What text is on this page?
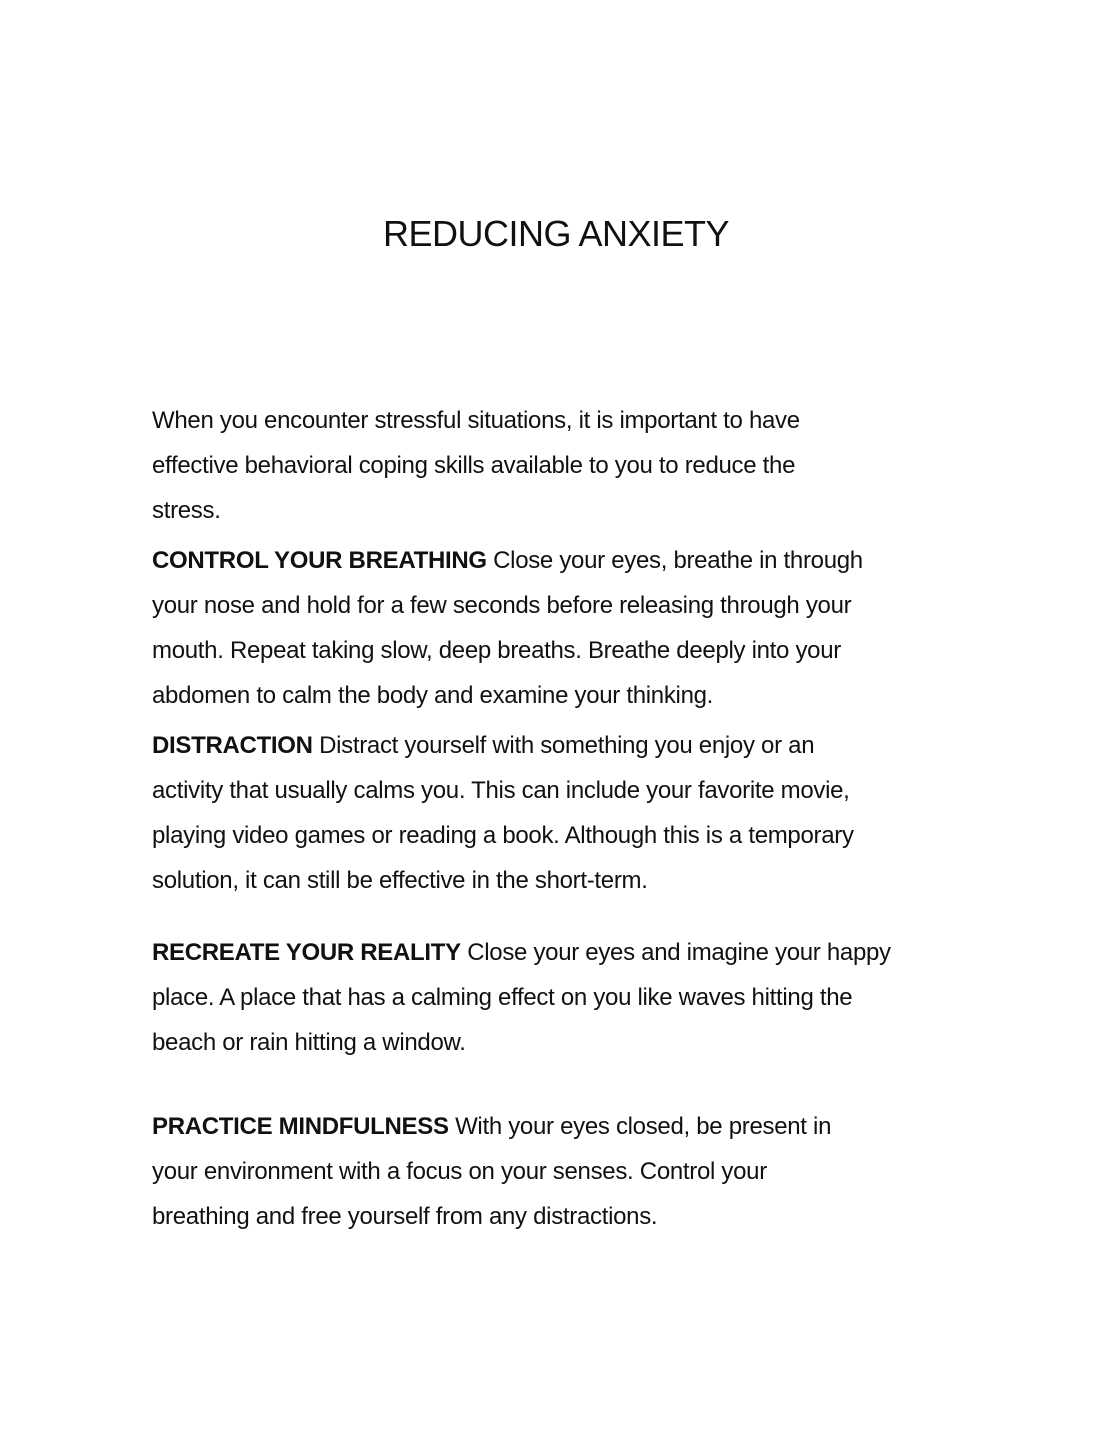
REDUCING ANXIETY
When you encounter stressful situations, it is important to have
effective behavioral coping skills available to you to reduce the
stress.
CONTROL YOUR BREATHING Close your eyes, breathe in through
your nose and hold for a few seconds before releasing through your
mouth. Repeat taking slow, deep breaths. Breathe deeply into your
abdomen to calm the body and examine your thinking.
DISTRACTION Distract yourself with something you enjoy or an
activity that usually calms you. This can include your favorite movie,
playing video games or reading a book. Although this is a temporary
solution, it can still be effective in the short-term.
RECREATE YOUR REALITY Close your eyes and imagine your happy
place. A place that has a calming effect on you like waves hitting the
beach or rain hitting a window.
PRACTICE MINDFULNESS With your eyes closed, be present in
your environment with a focus on your senses. Control your
breathing and free yourself from any distractions.
